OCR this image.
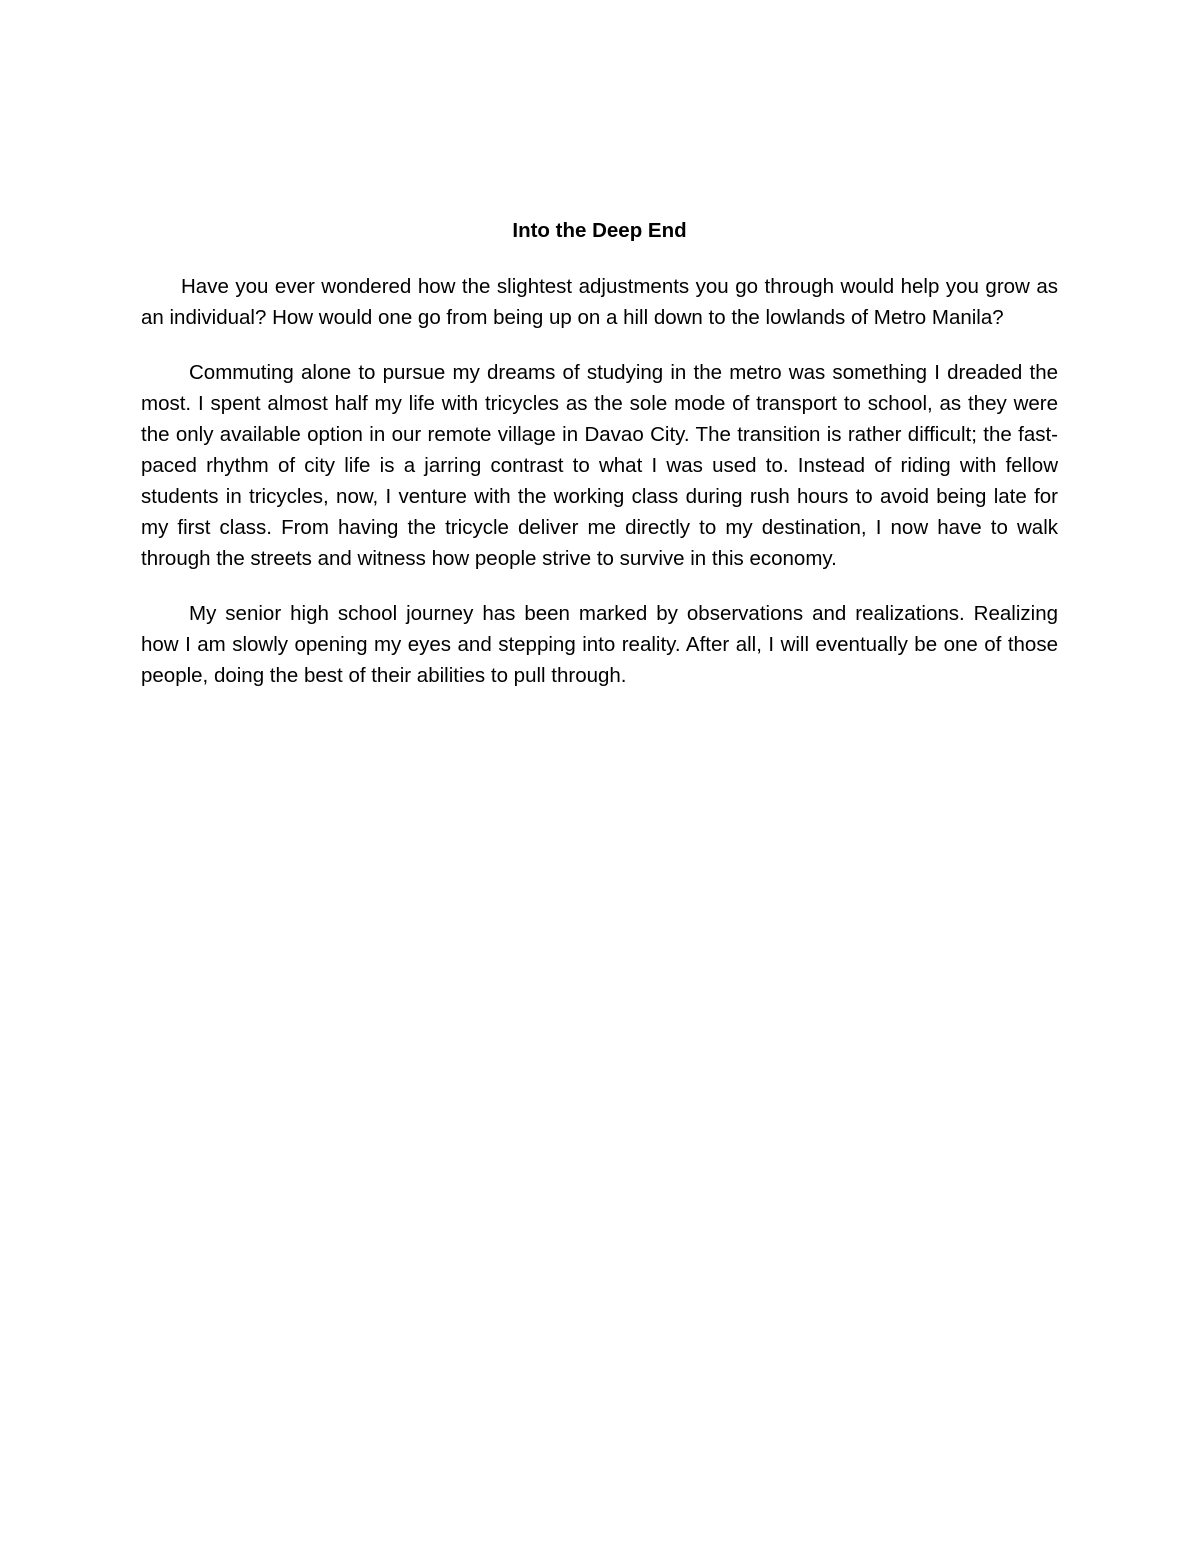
Into the Deep End

Have you ever wondered how the slightest adjustments you go through would help you grow as an individual? How would one go from being up on a hill down to the lowlands of Metro Manila?

Commuting alone to pursue my dreams of studying in the metro was something I dreaded the most. I spent almost half my life with tricycles as the sole mode of transport to school, as they were the only available option in our remote village in Davao City. The transition is rather difficult; the fast-paced rhythm of city life is a jarring contrast to what I was used to. Instead of riding with fellow students in tricycles, now, I venture with the working class during rush hours to avoid being late for my first class. From having the tricycle deliver me directly to my destination, I now have to walk through the streets and witness how people strive to survive in this economy.

My senior high school journey has been marked by observations and realizations. Realizing how I am slowly opening my eyes and stepping into reality. After all, I will eventually be one of those people, doing the best of their abilities to pull through.
